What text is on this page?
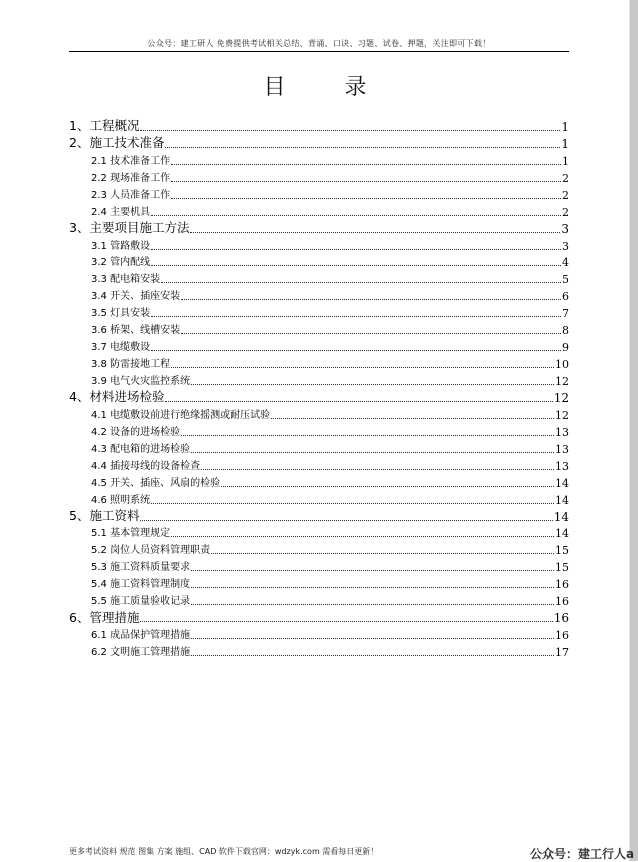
公众号：建工研人 免费提供考试相关总结、背诵、口诀、习题、试卷、押题，关注即可下载！
目 录
1、工程概况	1
2、施工技术准备	1
2.1 技术准备工作	1
2.2 现场准备工作	2
2.3 人员准备工作	2
2.4 主要机具	2
3、主要项目施工方法	3
3.1 管路敷设	3
3.2 管内配线	4
3.3 配电箱安装	5
3.4 开关、插座安装	6
3.5 灯具安装	7
3.6 桥架、线槽安装	8
3.7 电缆敷设	9
3.8 防雷接地工程	10
3.9 电气火灾监控系统	12
4、材料进场检验	12
4.1 电缆敷设前进行绝缘摇测或耐压试验	12
4.2 设备的进场检验	13
4.3 配电箱的进场检验	13
4.4 插接母线的设备检查	13
4.5 开关、插座、风扇的检验	14
4.6 照明系统	14
5、施工资料	14
5.1 基本管理规定	14
5.2 岗位人员资料管理职责	15
5.3 施工资料质量要求	15
5.4 施工资料管理制度	16
5.5 施工质量验收记录	16
6、管理措施	16
6.1 成品保护管理措施	16
6.2 文明施工管理措施	17
更多考试资料 规范 图集 方案 施组、CAD 软件下载官网：wdzyk.com 需看每日更新！	公众号：建工行人a
